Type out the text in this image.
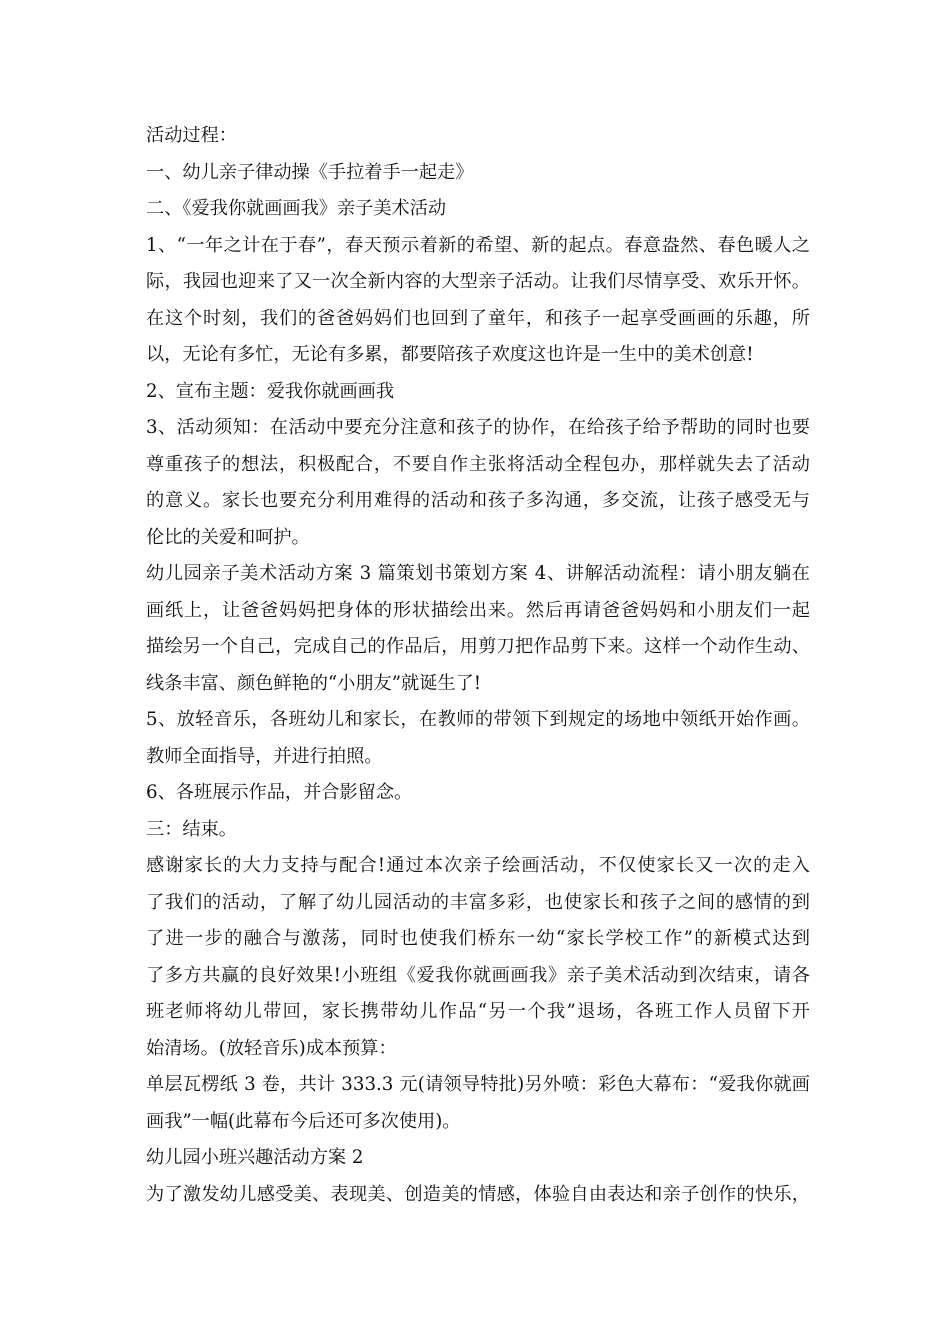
活动过程：
一、幼儿亲子律动操《手拉着手一起走》
二、《爱我你就画画我》亲子美术活动
1、“一年之计在于春”，春天预示着新的希望、新的起点。春意盎然、春色暖人之
际，我园也迎来了又一次全新内容的大型亲子活动。让我们尽情享受、欢乐开怀。
在这个时刻，我们的爸爸妈妈们也回到了童年，和孩子一起享受画画的乐趣，所
以，无论有多忙，无论有多累，都要陪孩子欢度这也许是一生中的美术创意!
2、宣布主题：爱我你就画画我
3、活动须知：在活动中要充分注意和孩子的协作，在给孩子给予帮助的同时也要
尊重孩子的想法，积极配合，不要自作主张将活动全程包办，那样就失去了活动
的意义。家长也要充分利用难得的活动和孩子多沟通，多交流，让孩子感受无与
伦比的关爱和呵护。
幼儿园亲子美术活动方案 3 篇策划书策划方案 4、讲解活动流程：请小朋友躺在
画纸上，让爸爸妈妈把身体的形状描绘出来。然后再请爸爸妈妈和小朋友们一起
描绘另一个自己，完成自己的作品后，用剪刀把作品剪下来。这样一个动作生动、
线条丰富、颜色鲜艳的“小朋友”就诞生了!
5、放轻音乐，各班幼儿和家长，在教师的带领下到规定的场地中领纸开始作画。
教师全面指导，并进行拍照。
6、各班展示作品，并合影留念。
三：结束。
感谢家长的大力支持与配合!通过本次亲子绘画活动，不仅使家长又一次的走入
了我们的活动，了解了幼儿园活动的丰富多彩，也使家长和孩子之间的感情的到
了进一步的融合与激荡，同时也使我们桥东一幼“家长学校工作”的新模式达到
了多方共赢的良好效果!小班组《爱我你就画画我》亲子美术活动到次结束，请各
班老师将幼儿带回，家长携带幼儿作品“另一个我”退场，各班工作人员留下开
始清场。(放轻音乐)成本预算：
单层瓦楞纸 3 卷，共计 333.3 元(请领导特批)另外喷：彩色大幕布：“爱我你就画
画我”一幅(此幕布今后还可多次使用)。
幼儿园小班兴趣活动方案 2
为了激发幼儿感受美、表现美、创造美的情感，体验自由表达和亲子创作的快乐，
